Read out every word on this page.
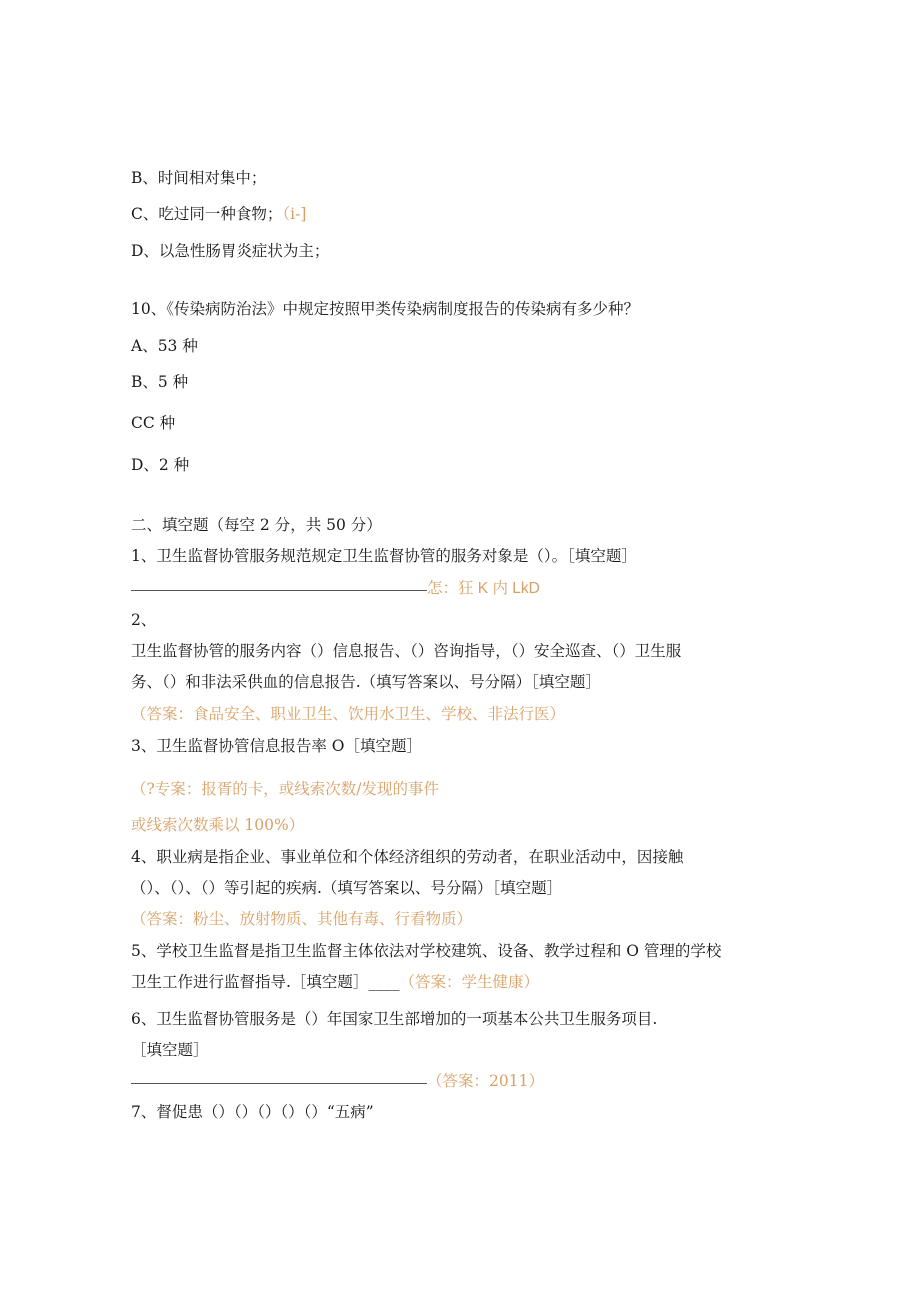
B、时间相对集中；
C、吃过同一种食物；（i-]
D、以急性肠胃炎症状为主；
10、《传染病防治法》中规定按照甲类传染病制度报告的传染病有多少种？
A、53 种
B、5 种
CC 种
D、2 种
二、填空题（每空 2 分，共 50 分）
1、卫生监督协管服务规范规定卫生监督协管的服务对象是（）。［填空题］
怎：狂 K 内 LkD
2、
卫生监督协管的服务内容（）信息报告、（）咨询指导，（）安全巡查、（）卫生服
务、（）和非法采供血的信息报告.（填写答案以、号分隔）［填空题］
（答案：食品安全、职业卫生、饮用水卫生、学校、非法行医）
3、卫生监督协管信息报告率 O［填空题］
（?专案：报胥的卡，或线索次数/发现的事件
或线索次数乘以 100%）
4、职业病是指企业、事业单位和个体经济组织的劳动者，在职业活动中，因接触
（）、（）、（）等引起的疾病.（填写答案以、号分隔）［填空题］
（答案：粉尘、放射物质、其他有毒、行看物质）
5、学校卫生监督是指卫生监督主体依法对学校建筑、设备、教学过程和 O 管理的学校
卫生工作进行监督指导.［填空题］____（答案：学生健康）
6、卫生监督协管服务是（）年国家卫生部增加的一项基本公共卫生服务项目.
［填空题］
（答案：2011）
7、督促患（）（）（）（）（）“五病”
